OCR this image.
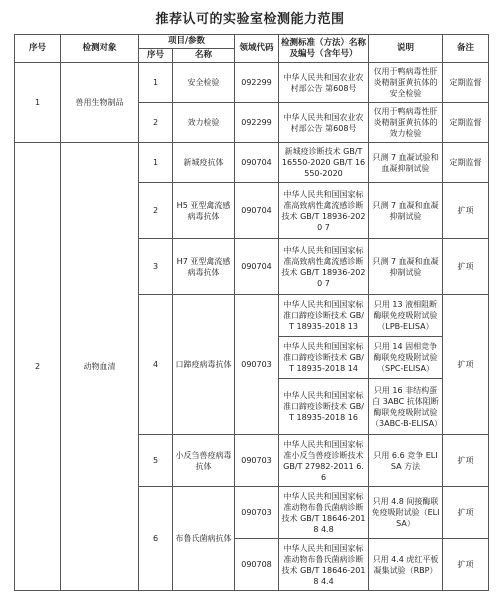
推荐认可的实验室检测能力范围
序号	检测对象	项目/参数		领域代码	检测标准（方法）名称及编号（含年号）	说明	备注
		序号	名称				
1	兽用生物制品	1	安全检验	092299	中华人民共和国农业农村部公告 第608号	仅用于鸭病毒性肝炎精制蛋黄抗体的安全检验	定期监督
		2	效力检验	092299	中华人民共和国农业农村部公告 第608号	仅用于鸭病毒性肝炎精制蛋黄抗体的效力检验	定期监督
2	动物血清	1	新城疫抗体	090704	新城疫诊断技术 GB/T 16550-2020 GB/T 16550-2020	只测 7 血凝试验和血凝抑制试验	定期监督
		2	H5 亚型禽流感病毒抗体	090704	中华人民共和国国家标准高致病性禽流感诊断技术 GB/T 18936-2020 7	只测 7 血凝和血凝抑制试验	扩项
		3	H7 亚型禽流感病毒抗体	090704	中华人民共和国国家标准高致病性禽流感诊断技术 GB/T 18936-2020 7	只测 7 血凝和血凝抑制试验	扩项
		4	口蹄疫病毒抗体	090703	中华人民共和国国家标准口蹄疫诊断技术 GB/T 18935-2018 13	只用 13 液相阻断酶联免疫吸附试验（LPB-ELISA）	扩项
					中华人民共和国国家标准口蹄疫诊断技术 GB/T 18935-2018 14	只用 14 固相竞争酶联免疫吸附试验（SPC-ELISA）	
					中华人民共和国国家标准口蹄疫诊断技术 GB/T 18935-2018 16	只用 16 非结构蛋白 3ABC 抗体阻断酶联免疫吸附试验（3ABC-B-ELISA）	
		5	小反刍兽疫病毒抗体	090703	中华人民共和国国家标准小反刍兽疫诊断技术 GB/T 27982-2011 6.6	只用 6.6 竞争 ELISA 方法	扩项
		6	布鲁氏菌病抗体	090703	中华人民共和国国家标准动物布鲁氏菌病诊断技术 GB/T 18646-2018 4.8	只用 4.8 间接酶联免疫吸附试验（ELISA）	扩项
				090708	中华人民共和国国家标准动物布鲁氏菌病诊断技术 GB/T 18646-2018 4.4	只用 4.4 虎红平板凝集试验（RBP）	扩项
